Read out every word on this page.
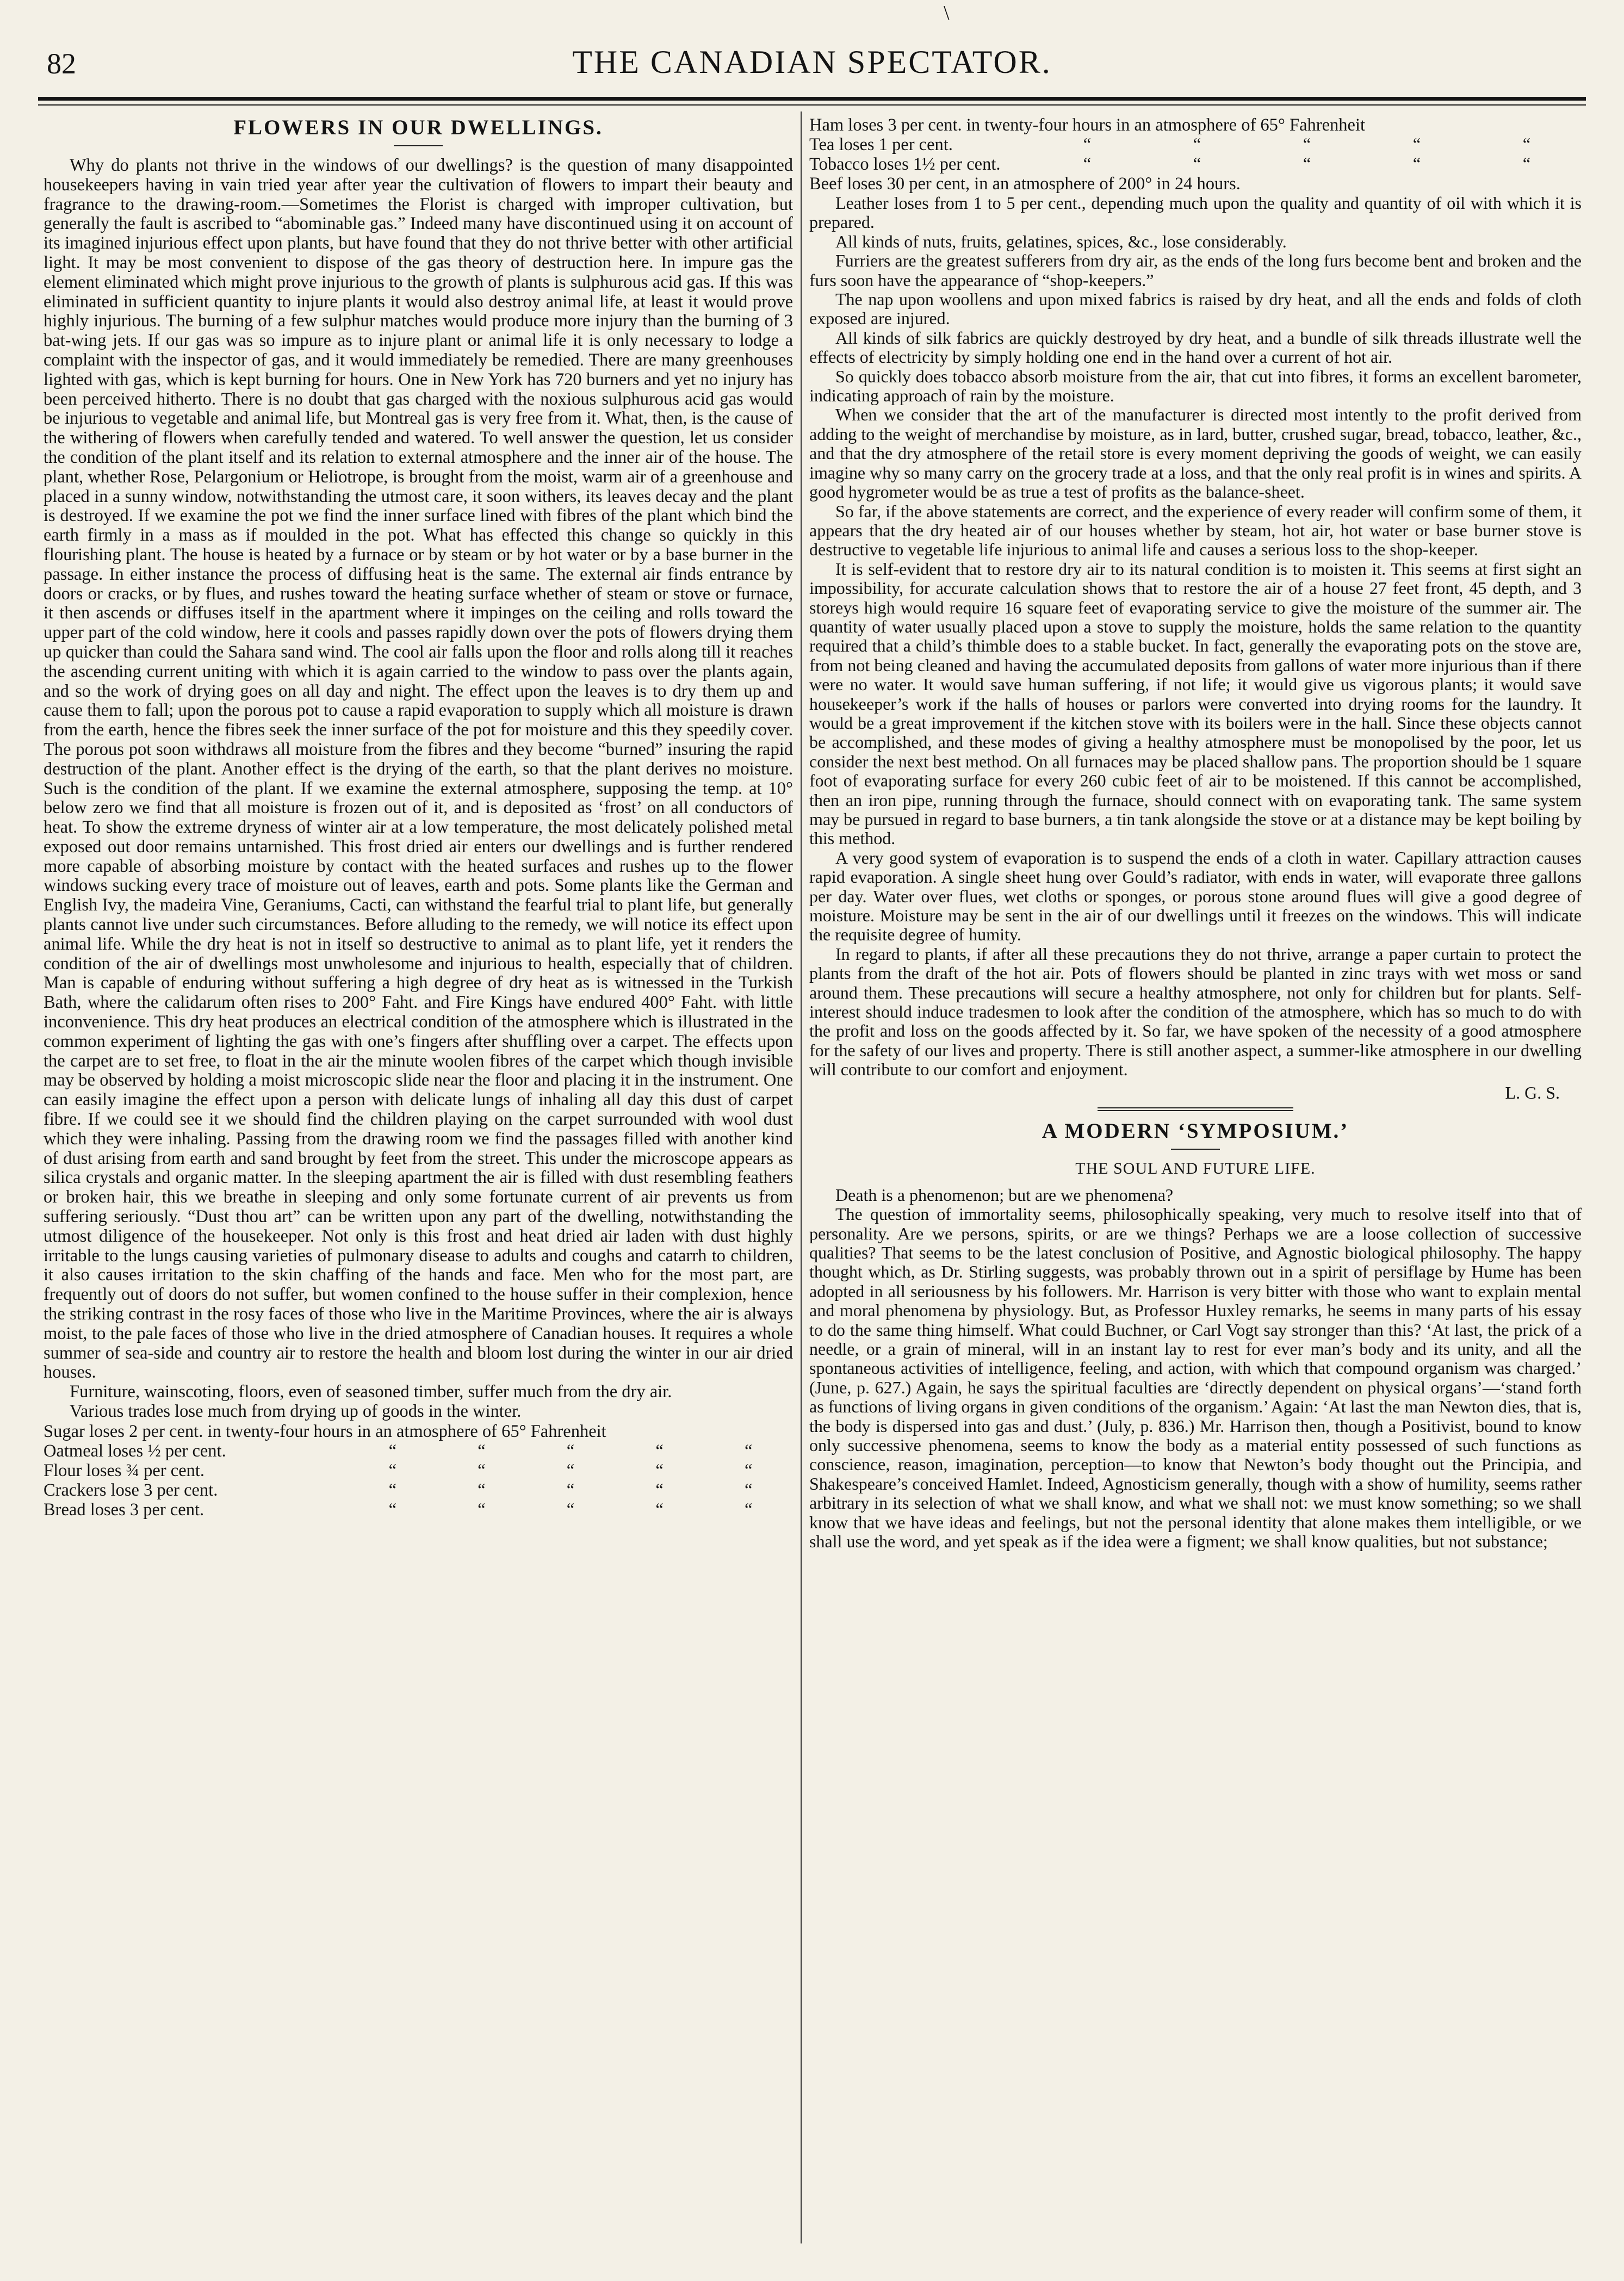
\
82	THE CANADIAN SPECTATOR.
FLOWERS IN OUR DWELLINGS.

Why do plants not thrive in the windows of our dwellings? is the question of many disappointed housekeepers having in vain tried year after year the cultivation of flowers to impart their beauty and fragrance to the drawing-room.—Sometimes the Florist is charged with improper cultivation, but generally the fault is ascribed to “abominable gas.” Indeed many have discontinued using it on account of its imagined injurious effect upon plants, but have found that they do not thrive better with other artificial light. It may be most convenient to dispose of the gas theory of destruction here. In impure gas the element eliminated which might prove injurious to the growth of plants is sulphurous acid gas. If this was eliminated in sufficient quantity to injure plants it would also destroy animal life, at least it would prove highly injurious. The burning of a few sulphur matches would produce more injury than the burning of 3 bat-wing jets. If our gas was so impure as to injure plant or animal life it is only necessary to lodge a complaint with the inspector of gas, and it would immediately be remedied. There are many greenhouses lighted with gas, which is kept burning for hours. One in New York has 720 burners and yet no injury has been perceived hitherto. There is no doubt that gas charged with the noxious sulphurous acid gas would be injurious to vegetable and animal life, but Montreal gas is very free from it. What, then, is the cause of the withering of flowers when carefully tended and watered. To well answer the question, let us consider the condition of the plant itself and its relation to external atmosphere and the inner air of the house. The plant, whether Rose, Pelargonium or Heliotrope, is brought from the moist, warm air of a greenhouse and placed in a sunny window, notwithstanding the utmost care, it soon withers, its leaves decay and the plant is destroyed. If we examine the pot we find the inner surface lined with fibres of the plant which bind the earth firmly in a mass as if moulded in the pot. What has effected this change so quickly in this flourishing plant. The house is heated by a furnace or by steam or by hot water or by a base burner in the passage. In either instance the process of diffusing heat is the same. The external air finds entrance by doors or cracks, or by flues, and rushes toward the heating surface whether of steam or stove or furnace, it then ascends or diffuses itself in the apartment where it impinges on the ceiling and rolls toward the upper part of the cold window, here it cools and passes rapidly down over the pots of flowers drying them up quicker than could the Sahara sand wind. The cool air falls upon the floor and rolls along till it reaches the ascending current uniting with which it is again carried to the window to pass over the plants again, and so the work of drying goes on all day and night. The effect upon the leaves is to dry them up and cause them to fall; upon the porous pot to cause a rapid evaporation to supply which all moisture is drawn from the earth, hence the fibres seek the inner surface of the pot for moisture and this they speedily cover. The porous pot soon withdraws all moisture from the fibres and they become “burned” insuring the rapid destruction of the plant. Another effect is the drying of the earth, so that the plant derives no moisture. Such is the condition of the plant. If we examine the external atmosphere, supposing the temp. at 10° below zero we find that all moisture is frozen out of it, and is deposited as ‘frost’ on all conductors of heat. To show the extreme dryness of winter air at a low temperature, the most delicately polished metal exposed out door remains untarnished. This frost dried air enters our dwellings and is further rendered more capable of absorbing moisture by contact with the heated surfaces and rushes up to the flower windows sucking every trace of moisture out of leaves, earth and pots. Some plants like the German and English Ivy, the madeira Vine, Geraniums, Cacti, can withstand the fearful trial to plant life, but generally plants cannot live under such circumstances. Before alluding to the remedy, we will notice its effect upon animal life. While the dry heat is not in itself so destructive to animal as to plant life, yet it renders the condition of the air of dwellings most unwholesome and injurious to health, especially that of children. Man is capable of enduring without suffering a high degree of dry heat as is witnessed in the Turkish Bath, where the calidarum often rises to 200° Faht. and Fire Kings have endured 400° Faht. with little inconvenience. This dry heat produces an electrical condition of the atmosphere which is illustrated in the common experiment of lighting the gas with one’s fingers after shuffling over a carpet. The effects upon the carpet are to set free, to float in the air the minute woolen fibres of the carpet which though invisible may be observed by holding a moist microscopic slide near the floor and placing it in the instrument. One can easily imagine the effect upon a person with delicate lungs of inhaling all day this dust of carpet fibre. If we could see it we should find the children playing on the carpet surrounded with wool dust which they were inhaling. Passing from the drawing room we find the passages filled with another kind of dust arising from earth and sand brought by feet from the street. This under the microscope appears as silica crystals and organic matter. In the sleeping apartment the air is filled with dust resembling feathers or broken hair, this we breathe in sleeping and only some fortunate current of air prevents us from suffering seriously. “Dust thou art” can be written upon any part of the dwelling, notwithstanding the utmost diligence of the housekeeper. Not only is this frost and heat dried air laden with dust highly irritable to the lungs causing varieties of pulmonary disease to adults and coughs and catarrh to children, it also causes irritation to the skin chaffing of the hands and face. Men who for the most part, are frequently out of doors do not suffer, but women confined to the house suffer in their complexion, hence the striking contrast in the rosy faces of those who live in the Maritime Provinces, where the air is always moist, to the pale faces of those who live in the dried atmosphere of Canadian houses. It requires a whole summer of sea-side and country air to restore the health and bloom lost during the winter in our air dried houses.

Furniture, wainscoting, floors, even of seasoned timber, suffer much from the dry air.

Various trades lose much from drying up of goods in the winter.

Sugar loses 2 per cent. in twenty-four hours in an atmosphere of 65° Fahrenheit
Oatmeal loses ½ per cent.	“	“	“	“	“
Flour loses ¾ per cent.	“	“	“	“	“
Crackers lose 3 per cent.	“	“	“	“	“
Bread loses 3 per cent.	“	“	“	“	“
Ham loses 3 per cent. in twenty-four hours in an atmosphere of 65° Fahrenheit
Tea loses 1 per cent.	“	“	“	“	“
Tobacco loses 1½ per cent.	“	“	“	“	“
Beef loses 30 per cent, in an atmosphere of 200° in 24 hours.

Leather loses from 1 to 5 per cent., depending much upon the quality and quantity of oil with which it is prepared.

All kinds of nuts, fruits, gelatines, spices, &c., lose considerably.

Furriers are the greatest sufferers from dry air, as the ends of the long furs become bent and broken and the furs soon have the appearance of “shop-keepers.”

The nap upon woollens and upon mixed fabrics is raised by dry heat, and all the ends and folds of cloth exposed are injured.

All kinds of silk fabrics are quickly destroyed by dry heat, and a bundle of silk threads illustrate well the effects of electricity by simply holding one end in the hand over a current of hot air.

So quickly does tobacco absorb moisture from the air, that cut into fibres, it forms an excellent barometer, indicating approach of rain by the moisture.

When we consider that the art of the manufacturer is directed most intently to the profit derived from adding to the weight of merchandise by moisture, as in lard, butter, crushed sugar, bread, tobacco, leather, &c., and that the dry atmosphere of the retail store is every moment depriving the goods of weight, we can easily imagine why so many carry on the grocery trade at a loss, and that the only real profit is in wines and spirits. A good hygrometer would be as true a test of profits as the balance-sheet.

So far, if the above statements are correct, and the experience of every reader will confirm some of them, it appears that the dry heated air of our houses whether by steam, hot air, hot water or base burner stove is destructive to vegetable life injurious to animal life and causes a serious loss to the shop-keeper.

It is self-evident that to restore dry air to its natural condition is to moisten it. This seems at first sight an impossibility, for accurate calculation shows that to restore the air of a house 27 feet front, 45 depth, and 3 storeys high would require 16 square feet of evaporating service to give the moisture of the summer air. The quantity of water usually placed upon a stove to supply the moisture, holds the same relation to the quantity required that a child’s thimble does to a stable bucket. In fact, generally the evaporating pots on the stove are, from not being cleaned and having the accumulated deposits from gallons of water more injurious than if there were no water. It would save human suffering, if not life; it would give us vigorous plants; it would save housekeeper’s work if the halls of houses or parlors were converted into drying rooms for the laundry. It would be a great improvement if the kitchen stove with its boilers were in the hall. Since these objects cannot be accomplished, and these modes of giving a healthy atmosphere must be monopolised by the poor, let us consider the next best method. On all furnaces may be placed shallow pans. The proportion should be 1 square foot of evaporating surface for every 260 cubic feet of air to be moistened. If this cannot be accomplished, then an iron pipe, running through the furnace, should connect with on evaporating tank. The same system may be pursued in regard to base burners, a tin tank alongside the stove or at a distance may be kept boiling by this method.

A very good system of evaporation is to suspend the ends of a cloth in water. Capillary attraction causes rapid evaporation. A single sheet hung over Gould’s radiator, with ends in water, will evaporate three gallons per day. Water over flues, wet cloths or sponges, or porous stone around flues will give a good degree of moisture. Moisture may be sent in the air of our dwellings until it freezes on the windows. This will indicate the requisite degree of humity.

In regard to plants, if after all these precautions they do not thrive, arrange a paper curtain to protect the plants from the draft of the hot air. Pots of flowers should be planted in zinc trays with wet moss or sand around them. These precautions will secure a healthy atmosphere, not only for children but for plants. Self-interest should induce tradesmen to look after the condition of the atmosphere, which has so much to do with the profit and loss on the goods affected by it. So far, we have spoken of the necessity of a good atmosphere for the safety of our lives and property. There is still another aspect, a summer-like atmosphere in our dwelling will contribute to our comfort and enjoyment.

L. G. S.
A MODERN ‘SYMPOSIUM.’
THE SOUL AND FUTURE LIFE.

Death is a phenomenon; but are we phenomena?

The question of immortality seems, philosophically speaking, very much to resolve itself into that of personality. Are we persons, spirits, or are we things? Perhaps we are a loose collection of successive qualities? That seems to be the latest conclusion of Positive, and Agnostic biological philosophy. The happy thought which, as Dr. Stirling suggests, was probably thrown out in a spirit of persiflage by Hume has been adopted in all seriousness by his followers. Mr. Harrison is very bitter with those who want to explain mental and moral phenomena by physiology. But, as Professor Huxley remarks, he seems in many parts of his essay to do the same thing himself. What could Buchner, or Carl Vogt say stronger than this? ‘At last, the prick of a needle, or a grain of mineral, will in an instant lay to rest for ever man’s body and its unity, and all the spontaneous activities of intelligence, feeling, and action, with which that compound organism was charged.’ (June, p. 627.) Again, he says the spiritual faculties are ‘directly dependent on physical organs’—‘stand forth as functions of living organs in given conditions of the organism.’ Again: ‘At last the man Newton dies, that is, the body is dispersed into gas and dust.’ (July, p. 836.) Mr. Harrison then, though a Positivist, bound to know only successive phenomena, seems to know the body as a material entity possessed of such functions as conscience, reason, imagination, perception—to know that Newton’s body thought out the Principia, and Shakespeare’s conceived Hamlet. Indeed, Agnosticism generally, though with a show of humility, seems rather arbitrary in its selection of what we shall know, and what we shall not: we must know something; so we shall know that we have ideas and feelings, but not the personal identity that alone makes them intelligible, or we shall use the word, and yet speak as if the idea were a figment; we shall know qualities, but not substance;
